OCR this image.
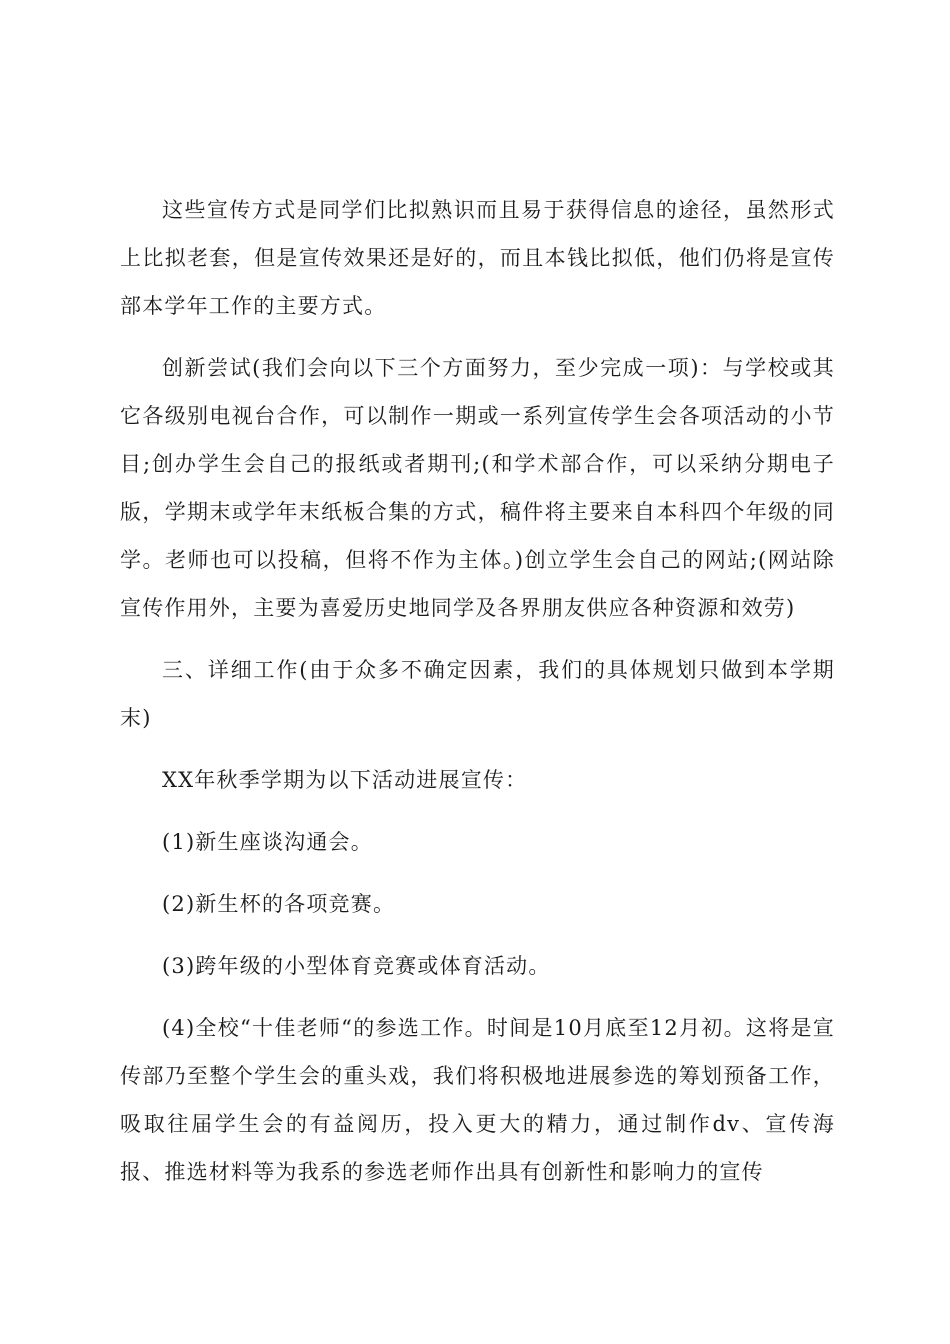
这些宣传方式是同学们比拟熟识而且易于获得信息的途径，虽然形式上比拟老套，但是宣传效果还是好的，而且本钱比拟低，他们仍将是宣传部本学年工作的主要方式。

创新尝试(我们会向以下三个方面努力，至少完成一项)：与学校或其它各级别电视台合作，可以制作一期或一系列宣传学生会各项活动的小节目;创办学生会自己的报纸或者期刊;(和学术部合作，可以采纳分期电子版，学期末或学年末纸板合集的方式，稿件将主要来自本科四个年级的同学。老师也可以投稿，但将不作为主体。)创立学生会自己的网站;(网站除宣传作用外，主要为喜爱历史地同学及各界朋友供应各种资源和效劳)

三、详细工作(由于众多不确定因素，我们的具体规划只做到本学期末)

XX年秋季学期为以下活动进展宣传：

(1)新生座谈沟通会。

(2)新生杯的各项竞赛。

(3)跨年级的小型体育竞赛或体育活动。

(4)全校“十佳老师“的参选工作。时间是10月底至12月初。这将是宣传部乃至整个学生会的重头戏，我们将积极地进展参选的筹划预备工作，吸取往届学生会的有益阅历，投入更大的精力，通过制作dv、宣传海报、推选材料等为我系的参选老师作出具有创新性和影响力的宣传
